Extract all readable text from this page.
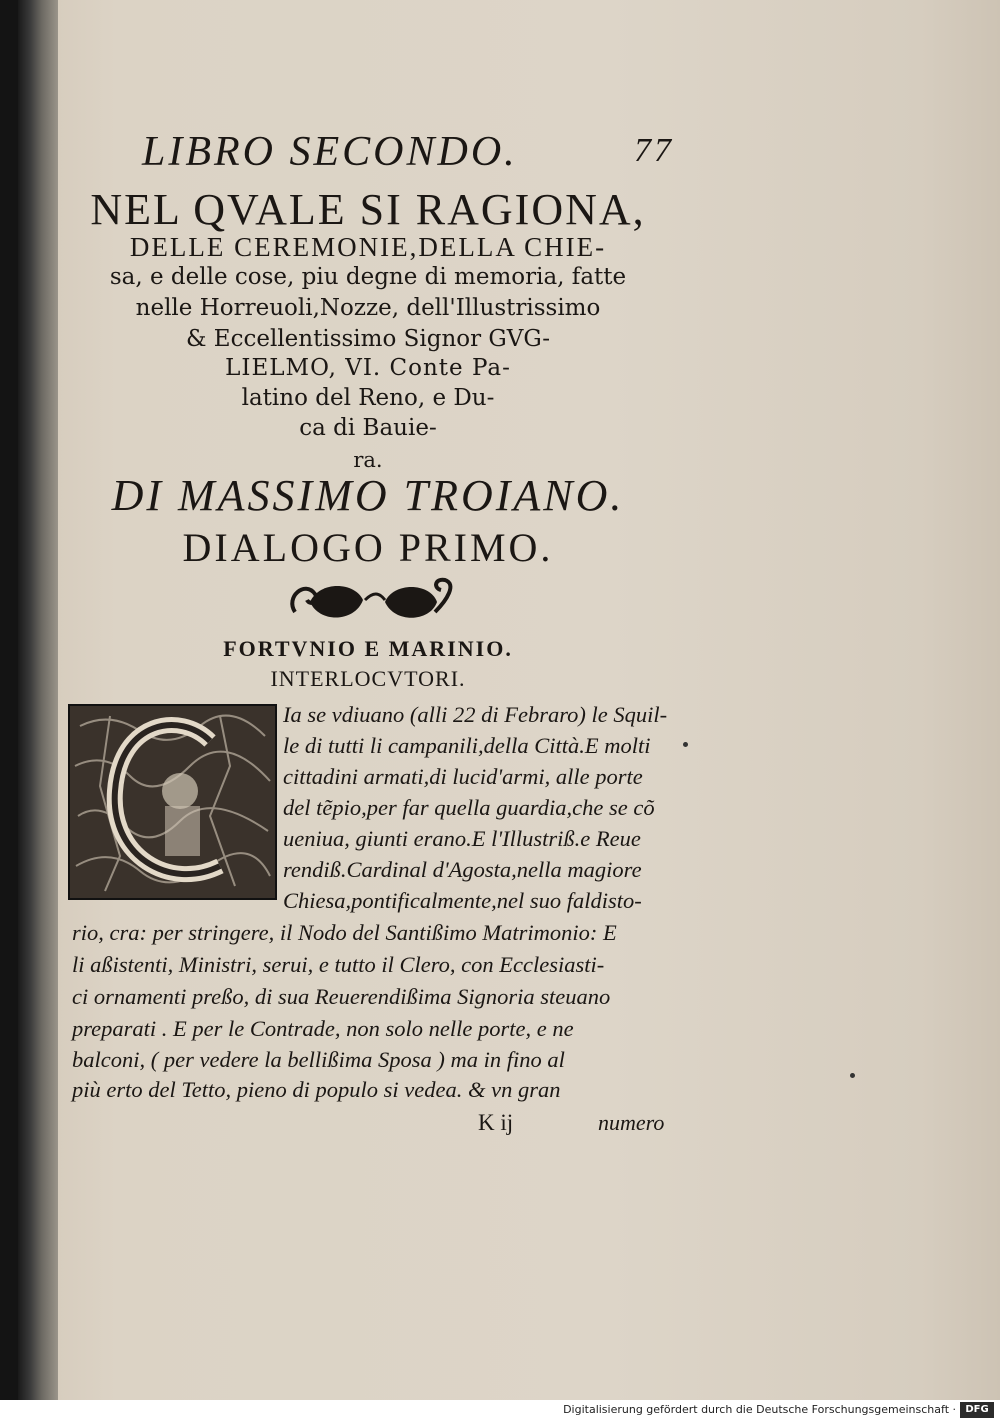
LIBRO SECONDO.	77
NEL QVALE SI RAGIONA,
DELLE CEREMONIE,DELLA CHIE-
sa, e delle cose, piu degne di memoria, fatte
nelle Horreuoli,Nozze, dell'Illustrissimo
& Eccellentissimo Signor GVG-
LIELMO, VI. Conte Pa-
latino del Reno, e Du-
ca di Bauie-
ra.
DI MASSIMO TROIANO.
DIALOGO PRIMO.
FORTVNIO E MARINIO.
INTERLOCVTORI.
Ia se vdiuano (alli 22 di Febraro) le Squil-
le di tutti li campanili,della Città.E molti
cittadini armati,di lucid'armi, alle porte
del tẽpio,per far quella guardia,che se cõ
ueniua, giunti erano.E l'Illustriß.e Reue
rendiß.Cardinal d'Agosta,nella magiore
Chiesa,pontificalmente,nel suo faldisto-
rio, cra: per stringere, il Nodo del Santißimo Matrimonio: E
li aßistenti, Ministri, serui, e tutto il Clero, con Ecclesiasti-
ci ornamenti preßo, di sua Reuerendißima Signoria steuano
preparati . E per le Contrade, non solo nelle porte, e ne
balconi, ( per vedere la bellißima Sposa ) ma in fino al
più erto del Tetto, pieno di populo si vedea. & vn gran
K ij	numero
Digitalisierung gefördert durch die Deutsche Forschungsgemeinschaft · DFG
